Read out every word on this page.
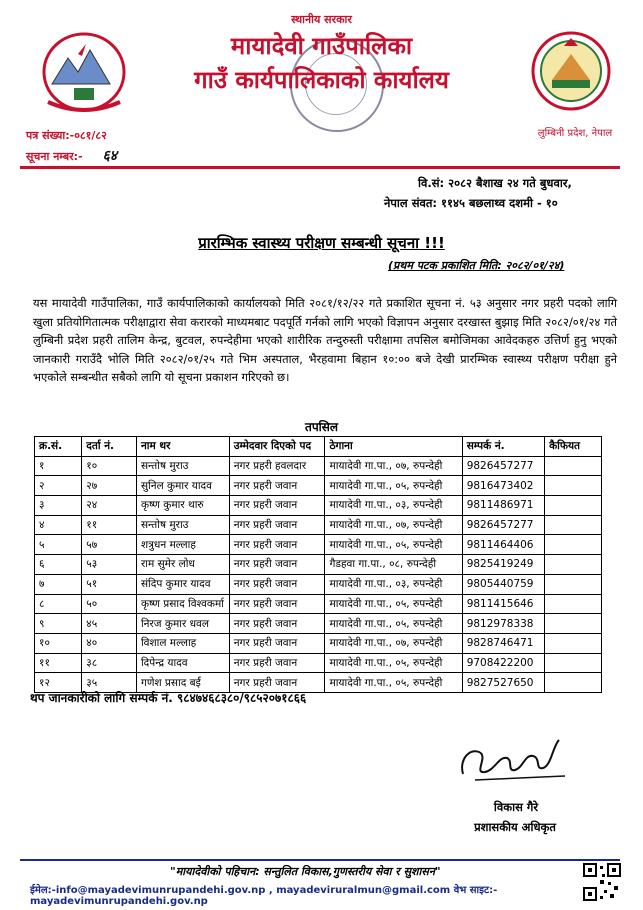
स्थानीय सरकार
मायादेवी गाउँपालिका
गाउँ कार्यपालिकाको कार्यालय
लुम्बिनी प्रदेश, नेपाल
पत्र संख्या:-०८१/८२
सूचना नम्बर:- ६४
वि.सं: २०८२ बैशाख २४ गते बुधवार,
नेपाल संवत: ११४५ बछलाथ्व दशमी - १०
प्रारम्भिक स्वास्थ्य परीक्षण सम्बन्धी सूचना !!!
(प्रथम पटक प्रकाशित मिति: २०८२/०१/२४)
यस मायादेवी गाउँपालिका, गाउँ कार्यपालिकाको कार्यालयको मिति २०८१/१२/२२ गते प्रकाशित सूचना नं. ५३ अनुसार नगर प्रहरी पदको लागि खुला प्रतियोगितात्मक परीक्षाद्वारा सेवा करारको माध्यमबाट पदपूर्ति गर्नको लागि भएको विज्ञापन अनुसार दरखास्त बुझाइ मिति २०८२/०१/२४ गते लुम्बिनी प्रदेश प्रहरी तालिम केन्द्र, बुटवल, रुपन्देहीमा भएको शारीरिक तन्दुरुस्ती परीक्षामा तपसिल बमोजिमका आवेदकहरु उत्तिर्ण हुनु भएको जानकारी गराउँदै भोलि मिति २०८२/०१/२५ गते भिम अस्पताल, भैरहवामा बिहान १०:०० बजे देखी प्रारम्भिक स्वास्थ्य परीक्षण परीक्षा हुने भएकोले सम्बन्धीत सबैको लागि यो सूचना प्रकाशन गरिएको छ।
तपसिल
क्र.सं.	दर्ता नं.	नाम थर	उम्मेदवार दिएको पद	ठेगाना	सम्पर्क नं.	कैफियत
१	१०	सन्तोष मुराउ	नगर प्रहरी हवलदार	मायादेवी गा.पा., ०७, रुपन्देही	9826457277	
२	२७	सुनिल कुमार यादव	नगर प्रहरी जवान	मायादेवी गा.पा., ०५, रुपन्देही	9816473402	
३	२४	कृष्ण कुमार थारु	नगर प्रहरी जवान	मायादेवी गा.पा., ०३, रुपन्देही	9811486971	
४	११	सन्तोष मुराउ	नगर प्रहरी जवान	मायादेवी गा.पा., ०७, रुपन्देही	9826457277	
५	५७	शत्रुधन मल्लाह	नगर प्रहरी जवान	मायादेवी गा.पा., ०५, रुपन्देही	9811464406	
६	५३	राम सुमेर लोध	नगर प्रहरी जवान	गैडहवा गा.पा., ०८, रुपन्देही	9825419249	
७	५१	संदिप कुमार यादव	नगर प्रहरी जवान	मायादेवी गा.पा., ०३, रुपन्देही	9805440759	
८	५०	कृष्ण प्रसाद विश्वकर्मा	नगर प्रहरी जवान	मायादेवी गा.पा., ०५, रुपन्देही	9811415646	
९	४५	निरज कुमार धवल	नगर प्रहरी जवान	मायादेवी गा.पा., ०५, रुपन्देही	9812978338	
१०	४०	विशाल मल्लाह	नगर प्रहरी जवान	मायादेवी गा.पा., ०७, रुपन्देही	9828746471	
११	३८	दिपेन्द्र यादव	नगर प्रहरी जवान	मायादेवी गा.पा., ०५, रुपन्देही	9708422200	
१२	३५	गणेश प्रसाद बर्ई	नगर प्रहरी जवान	मायादेवी गा.पा., ०५, रुपन्देही	9827527650	
थप जानकारीको लागि सम्पर्क नं. ९८४७४६८३८०/९८५२०७१८६६
विकास गैरे
प्रशासकीय अधिकृत
"मायादेवीको पहिचान: सन्तुलित विकास,गुणस्तरीय सेवा र सुशासन"
ईमेल:-info@mayadevimunrupandehi.gov.np , mayadeviruralmun@gmail.com वेभ साइट:-mayadevimunrupandehi.gov.np
